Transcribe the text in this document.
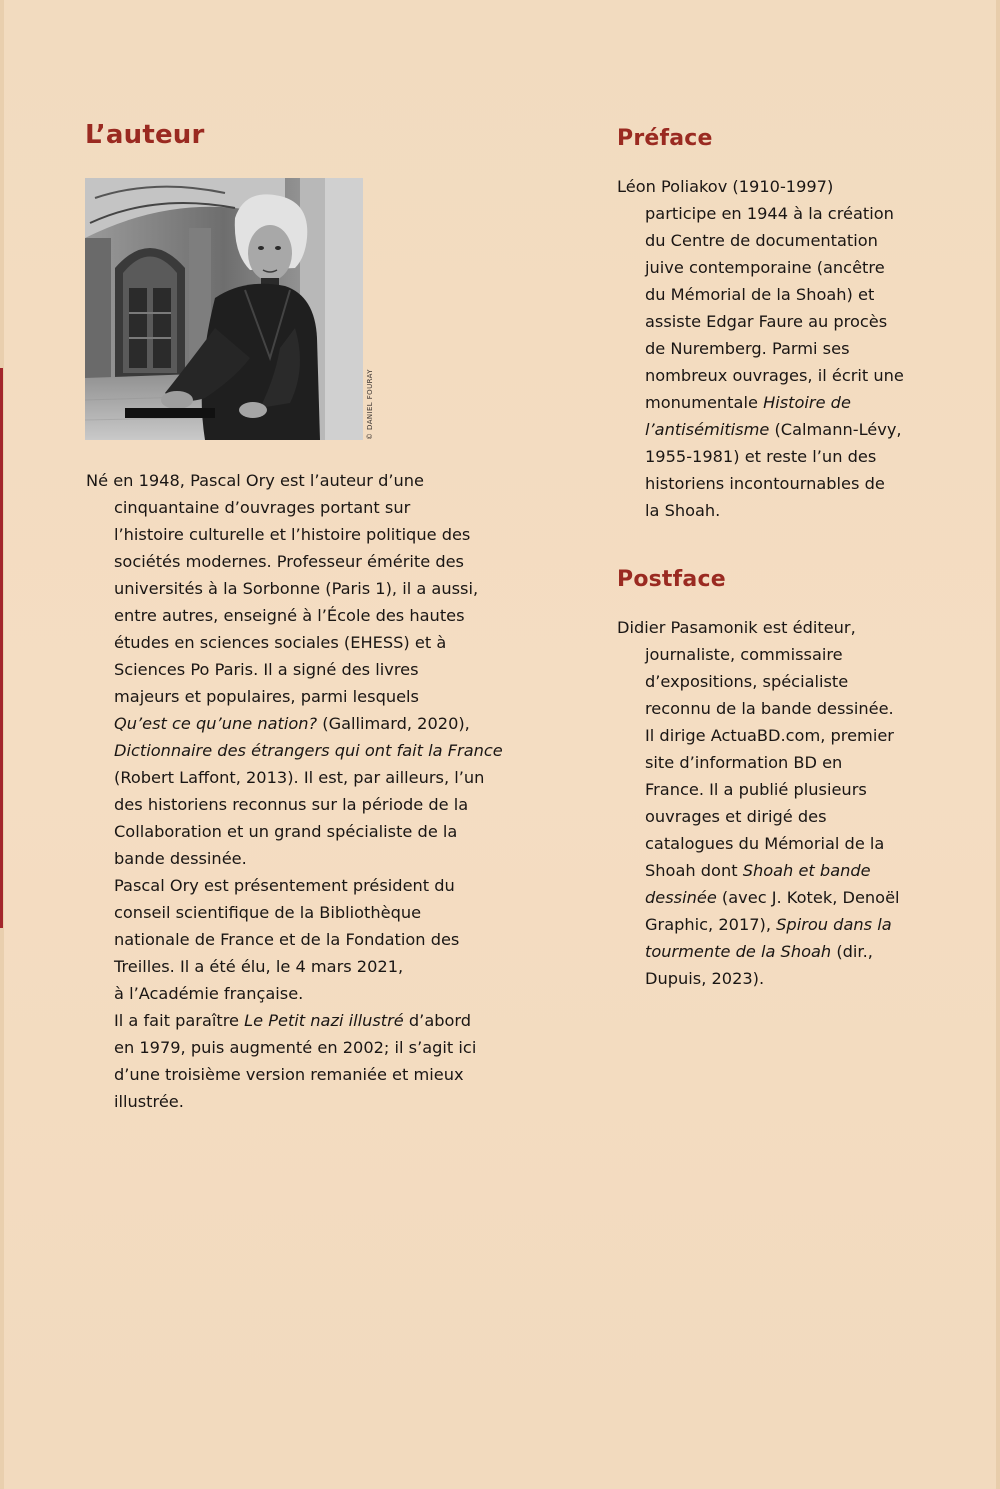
L’auteur
© DANIEL FOURAY
Né en 1948, Pascal Ory est l’auteur d’une
cinquantaine d’ouvrages portant sur
l’histoire culturelle et l’histoire politique des
sociétés modernes. Professeur émérite des
universités à la Sorbonne (Paris 1), il a aussi,
entre autres, enseigné à l’École des hautes
études en sciences sociales (EHESS) et à
Sciences Po Paris. Il a signé des livres
majeurs et populaires, parmi lesquels
Qu’est ce qu’une nation? (Gallimard, 2020),
Dictionnaire des étrangers qui ont fait la France
(Robert Laffont, 2013). Il est, par ailleurs, l’un
des historiens reconnus sur la période de la
Collaboration et un grand spécialiste de la
bande dessinée.
Pascal Ory est présentement président du
conseil scientifique de la Bibliothèque
nationale de France et de la Fondation des
Treilles. Il a été élu, le 4 mars 2021,
à l’Académie française.
Il a fait paraître Le Petit nazi illustré d’abord
en 1979, puis augmenté en 2002; il s’agit ici
d’une troisième version remaniée et mieux
illustrée.
Préface
Léon Poliakov (1910-1997)
participe en 1944 à la création
du Centre de documentation
juive contemporaine (ancêtre
du Mémorial de la Shoah) et
assiste Edgar Faure au procès
de Nuremberg. Parmi ses
nombreux ouvrages, il écrit une
monumentale Histoire de
l’antisémitisme (Calmann-Lévy,
1955-1981) et reste l’un des
historiens incontournables de
la Shoah.
Postface
Didier Pasamonik est éditeur,
journaliste, commissaire
d’expositions, spécialiste
reconnu de la bande dessinée.
Il dirige ActuaBD.com, premier
site d’information BD en
France. Il a publié plusieurs
ouvrages et dirigé des
catalogues du Mémorial de la
Shoah dont Shoah et bande
dessinée (avec J. Kotek, Denoël
Graphic, 2017), Spirou dans la
tourmente de la Shoah (dir.,
Dupuis, 2023).
